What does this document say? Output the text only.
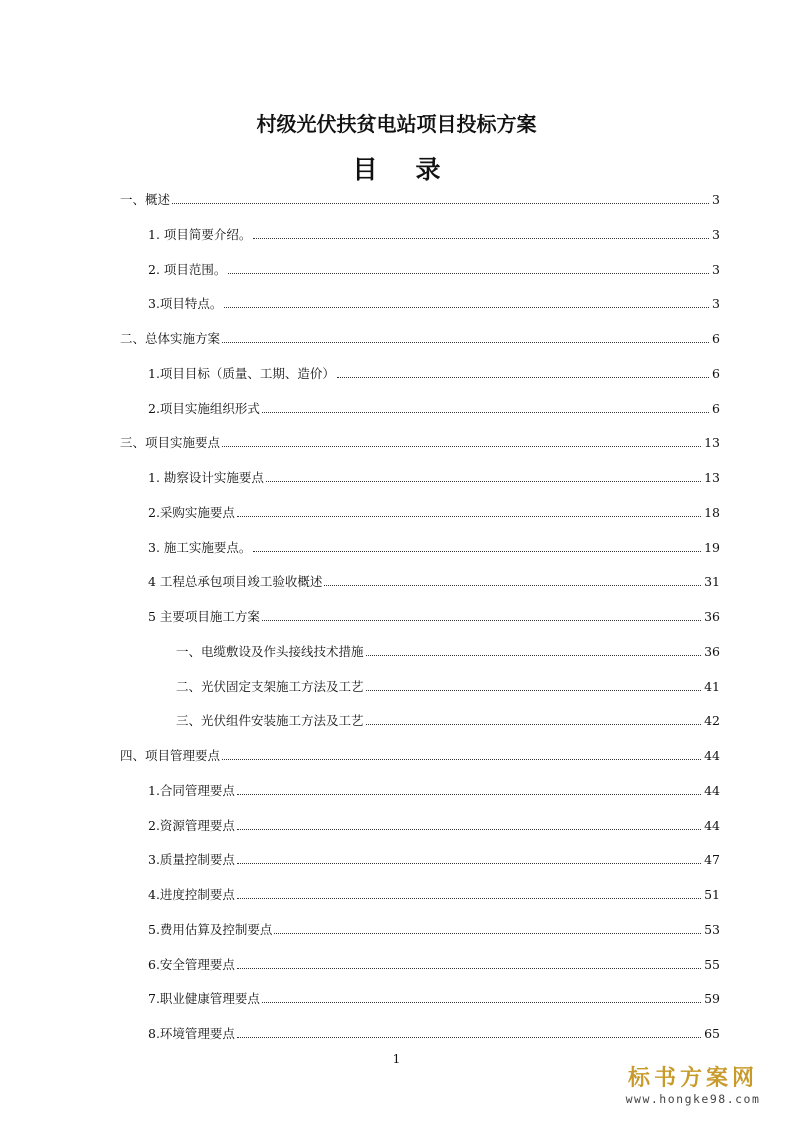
村级光伏扶贫电站项目投标方案
目 录
一、概述	3
1. 项目简要介绍。	3
2. 项目范围。	3
3.项目特点。	3
二、总体实施方案	6
1.项目目标（质量、工期、造价）	6
2.项目实施组织形式	6
三、项目实施要点	13
1. 勘察设计实施要点	13
2.采购实施要点	18
3. 施工实施要点。	19
4 工程总承包项目竣工验收概述	31
5 主要项目施工方案	36
一、电缆敷设及作头接线技术措施	36
二、光伏固定支架施工方法及工艺	41
三、光伏组件安装施工方法及工艺	42
四、项目管理要点	44
1.合同管理要点	44
2.资源管理要点	44
3.质量控制要点	47
4.进度控制要点	51
5.费用估算及控制要点	53
6.安全管理要点	55
7.职业健康管理要点	59
8.环境管理要点	65
1
标书方案网
www.hongke98.com
